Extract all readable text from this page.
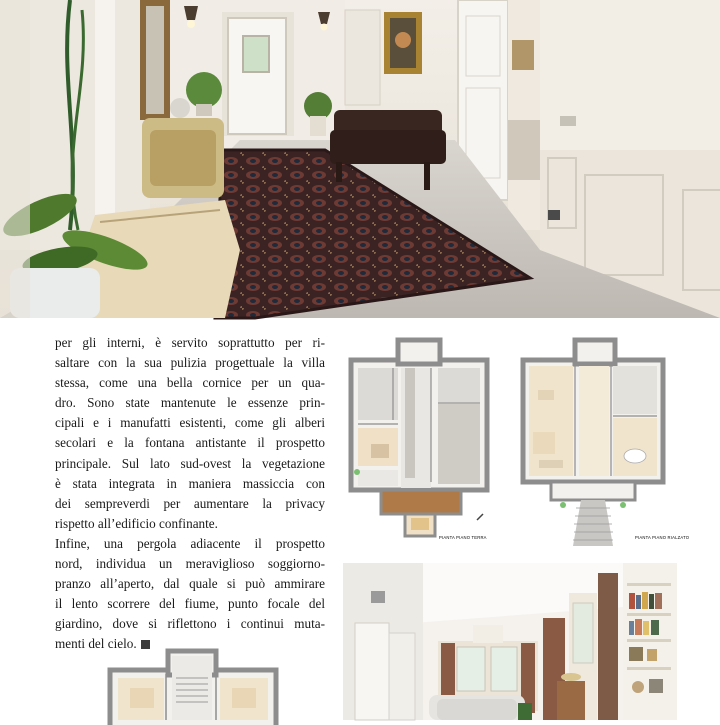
per gli interni, è servito soprattutto per ri-

saltare con la sua pulizia progettuale la villa

stessa, come una bella cornice per un qua-

dro. Sono state mantenute le essenze prin-

cipali e i manufatti esistenti, come gli alberi

secolari e la fontana antistante il prospetto

principale. Sul lato sud-ovest la vegetazione

è stata integrata in maniera massiccia con

dei sempreverdi per aumentare la privacy

rispetto all’edificio confinante.

Infine, una pergola adiacente il prospetto

nord, individua un meraviglioso soggiorno-

pranzo all’aperto, dal quale si può ammirare

il lento scorrere del fiume, punto focale del

giardino, dove si riflettono i continui muta-

menti del cielo.

PIANTA PIANO TERRA	PIANTA PIANO RIALZATO
